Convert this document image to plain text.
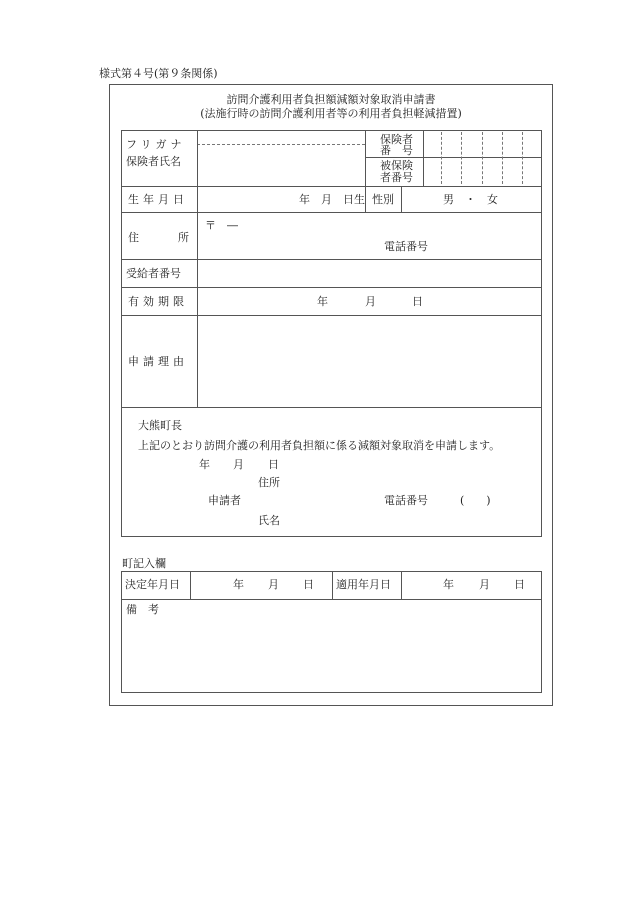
様式第４号(第９条関係)
訪問介護利用者負担額減額対象取消申請書
(法施行時の訪問介護利用者等の利用者負担軽減措置)
フリガナ
保険者氏名
保険者
番　号
被保険
者番号
生年月日	年　月　日生 性別	男　・　女
住	所
〒　―
電話番号
受給者番号
有効期限	年	月	日
申請理由
大熊町長
上記のとおり訪問介護の利用者負担額に係る減額対象取消を申請します。
年 月 日
住所
申請者	電話番号	(　　)
氏名
町記入欄
決定年月日	年 月 日 適用年月日	年 月 日
備　考
